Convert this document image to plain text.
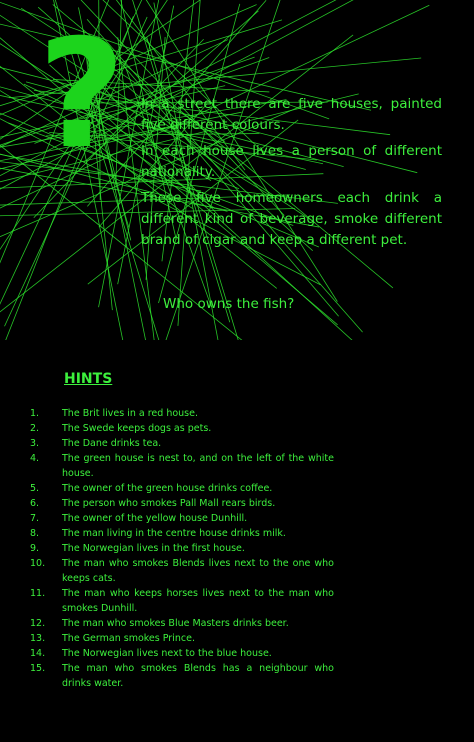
? In a street there are five houses, painted five different colours.

In each house lives a person of different nationality.

These five homeowners each drink a different kind of beverage, smoke different brand of cigar and keep a different pet.

Who owns the fish?
HINTS
1.	The Brit lives in a red house.
2.	The Swede keeps dogs as pets.
3.	The Dane drinks tea.
4.	The green house is nest to, and on the left of the white house.
5.	The owner of the green house drinks coffee.
6.	The person who smokes Pall Mall rears birds.
7.	The owner of the yellow house Dunhill.
8.	The man living in the centre house drinks milk.
9.	The Norwegian lives in the first house.
10.	The man who smokes Blends lives next to the one who keeps cats.
11.	The man who keeps horses lives next to the man who smokes Dunhill.
12.	The man who smokes Blue Masters drinks beer.
13.	The German smokes Prince.
14.	The Norwegian lives next to the blue house.
15.	The man who smokes Blends has a neighbour who drinks water.
